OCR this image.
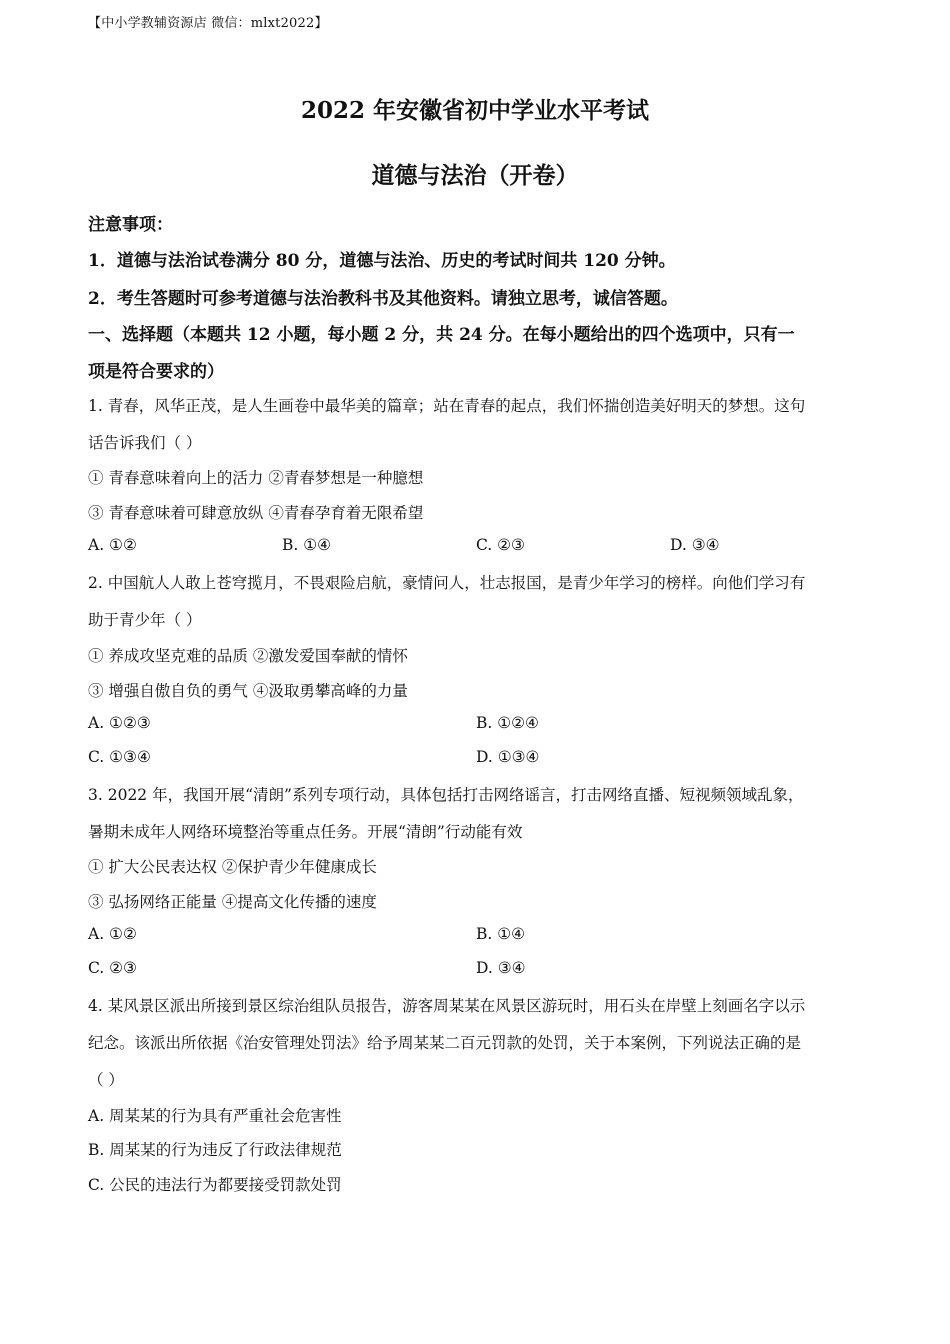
【中小学教辅资源店 微信：mlxt2022】
2022 年安徽省初中学业水平考试
道德与法治（开卷）
注意事项：
1．道德与法治试卷满分 80 分，道德与法治、历史的考试时间共 120 分钟。
2．考生答题时可参考道德与法治教科书及其他资料。请独立思考，诚信答题。
一、选择题（本题共 12 小题，每小题 2 分，共 24 分。在每小题给出的四个选项中，只有一
项是符合要求的）
1. 青春，风华正茂，是人生画卷中最华美的篇章；站在青春的起点，我们怀揣创造美好明天的梦想。这句
话告诉我们（ ）
① 青春意味着向上的活力 ②青春梦想是一种臆想
③ 青春意味着可肆意放纵 ④青春孕育着无限希望
A. ①②	B. ①④	C. ②③	D. ③④
2. 中国航人人敢上苍穹揽月，不畏艰险启航，豪情问人，壮志报国，是青少年学习的榜样。向他们学习有
助于青少年（ ）
① 养成攻坚克难的品质 ②激发爱国奉献的情怀
③ 增强自傲自负的勇气 ④汲取勇攀高峰的力量
A. ①②③	B. ①②④
C. ①③④	D. ①③④
3. 2022 年，我国开展“清朗”系列专项行动，具体包括打击网络谣言，打击网络直播、短视频领域乱象，
暑期未成年人网络环境整治等重点任务。开展“清朗”行动能有效
① 扩大公民表达权 ②保护青少年健康成长
③ 弘扬网络正能量 ④提高文化传播的速度
A. ①②	B. ①④
C. ②③	D. ③④
4. 某风景区派出所接到景区综治组队员报告，游客周某某在风景区游玩时，用石头在岸壁上刻画名字以示
纪念。该派出所依据《治安管理处罚法》给予周某某二百元罚款的处罚，关于本案例，下列说法正确的是
（ ）
A. 周某某的行为具有严重社会危害性
B. 周某某的行为违反了行政法律规范
C. 公民的违法行为都要接受罚款处罚
